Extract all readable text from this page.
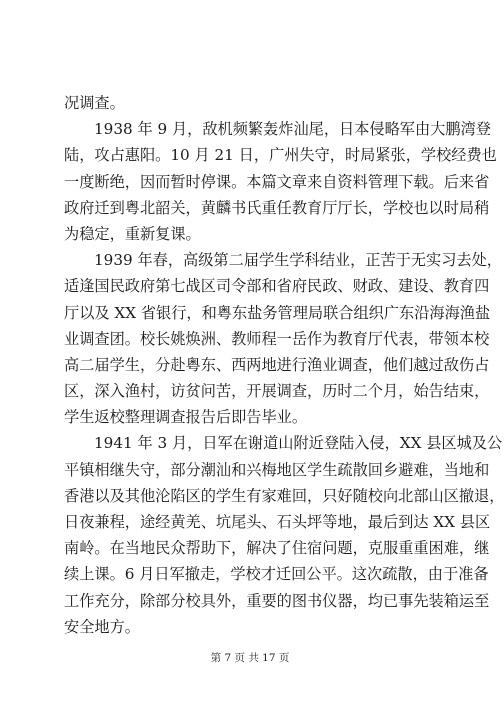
况调查。
1938 年 9 月，敌机频繁轰炸汕尾，日本侵略军由大鹏湾登
陆，攻占惠阳。10 月 21 日，广州失守，时局紧张，学校经费也
一度断绝，因而暂时停课。本篇文章来自资料管理下载。后来省
政府迁到粤北韶关，黄麟书氏重任教育厅厅长，学校也以时局稍
为稳定，重新复课。
1939 年春，高级第二届学生学科结业，正苦于无实习去处，
适逢国民政府第七战区司令部和省府民政、财政、建设、教育四
厅以及 XX 省银行，和粤东盐务管理局联合组织广东沿海海渔盐
业调查团。校长姚焕洲、教师程一岳作为教育厅代表，带领本校
高二届学生，分赴粤东、西两地进行渔业调查，他们越过敌伤占
区，深入渔村，访贫问苦，开展调查，历时二个月，始告结束，
学生返校整理调查报告后即告毕业。
1941 年 3 月，日军在谢道山附近登陆入侵，XX 县区城及公
平镇相继失守，部分潮汕和兴梅地区学生疏散回乡避难，当地和
香港以及其他沦陷区的学生有家难回，只好随校向北部山区撤退，
日夜兼程，途经黄羌、坑尾头、石头坪等地，最后到达 XX 县区
南岭。在当地民众帮助下，解决了住宿问题，克服重重困难，继
续上课。6 月日军撤走，学校才迁回公平。这次疏散，由于准备
工作充分，除部分校具外，重要的图书仪器，均已事先装箱运至
安全地方。
第 7 页 共 17 页
